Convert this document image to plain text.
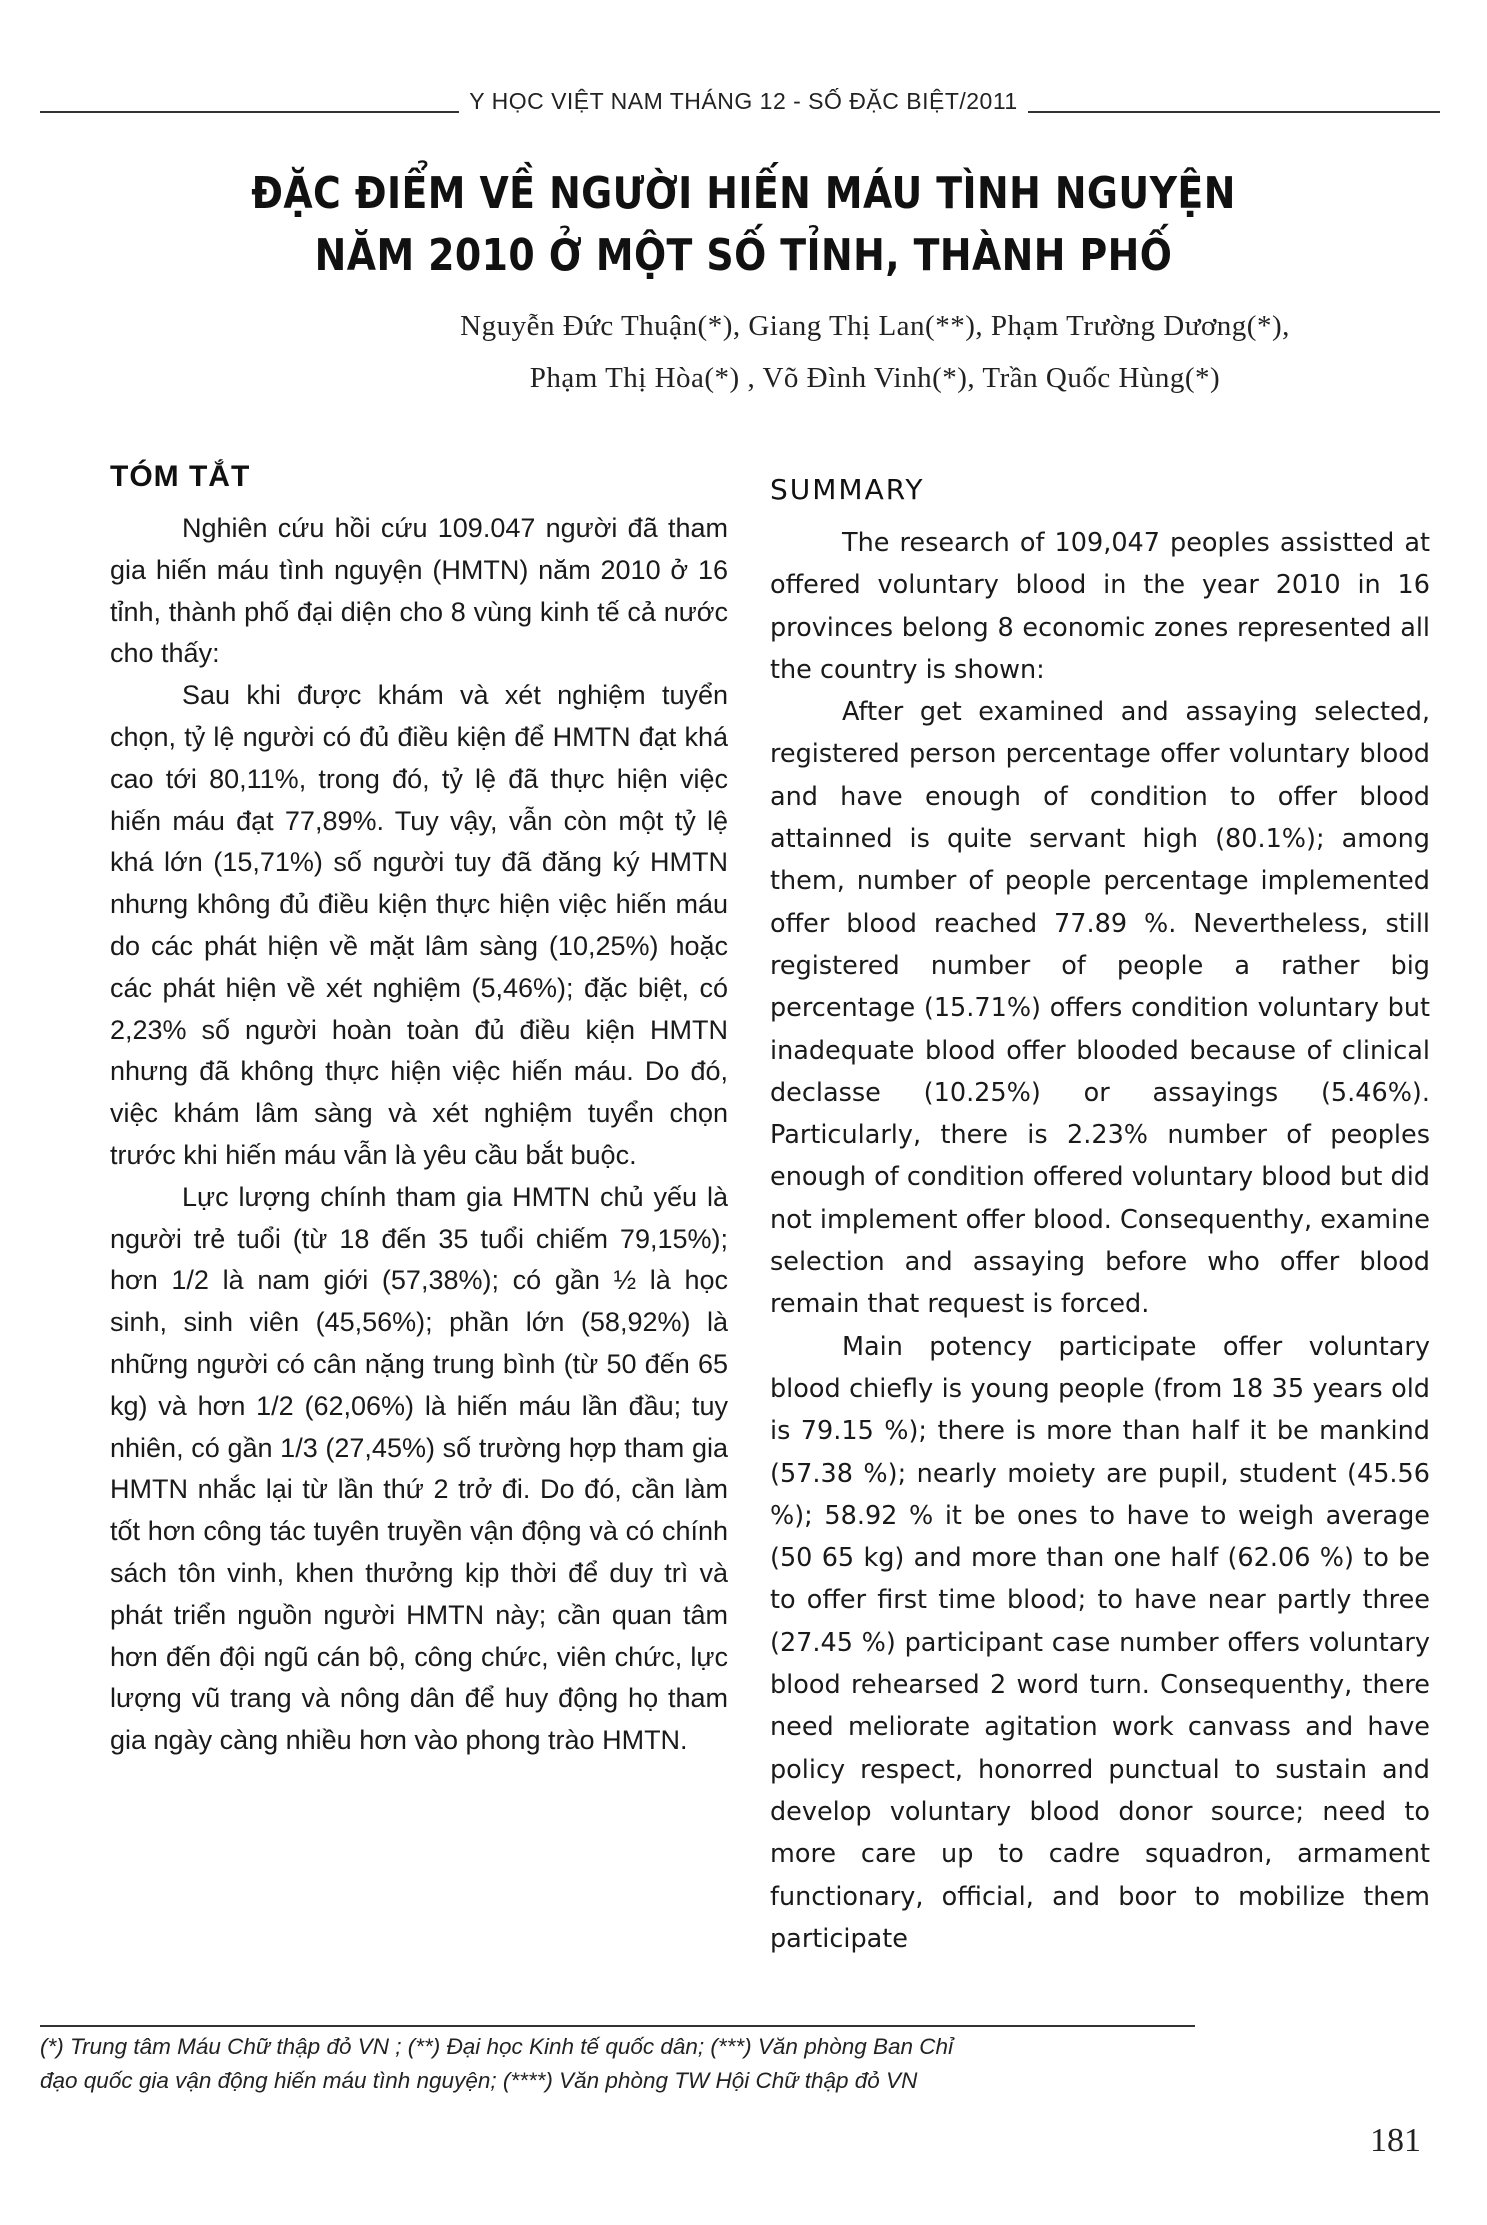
Y HỌC VIỆT NAM THÁNG 12 - SỐ ĐẶC BIỆT/2011
ĐẶC ĐIỂM VỀ NGƯỜI HIẾN MÁU TÌNH NGUYỆN
NĂM 2010 Ở MỘT SỐ TỈNH, THÀNH PHỐ
Nguyễn Đức Thuận(*), Giang Thị Lan(**), Phạm Trường Dương(*),
Phạm Thị Hòa(*) , Võ Đình Vinh(*), Trần Quốc Hùng(*)
TÓM TẮT

Nghiên cứu hồi cứu 109.047 người đã tham gia hiến máu tình nguyện (HMTN) năm 2010 ở 16 tỉnh, thành phố đại diện cho 8 vùng kinh tế cả nước cho thấy:

Sau khi được khám và xét nghiệm tuyển chọn, tỷ lệ người có đủ điều kiện để HMTN đạt khá cao tới 80,11%, trong đó, tỷ lệ đã thực hiện việc hiến máu đạt 77,89%. Tuy vậy, vẫn còn một tỷ lệ khá lớn (15,71%) số người tuy đã đăng ký HMTN nhưng không đủ điều kiện thực hiện việc hiến máu do các phát hiện về mặt lâm sàng (10,25%) hoặc các phát hiện về xét nghiệm (5,46%); đặc biệt, có 2,23% số người hoàn toàn đủ điều kiện HMTN nhưng đã không thực hiện việc hiến máu. Do đó, việc khám lâm sàng và xét nghiệm tuyển chọn trước khi hiến máu vẫn là yêu cầu bắt buộc.

Lực lượng chính tham gia HMTN chủ yếu là người trẻ tuổi (từ 18 đến 35 tuổi chiếm 79,15%); hơn 1/2 là nam giới (57,38%); có gần ½ là học sinh, sinh viên (45,56%); phần lớn (58,92%) là những người có cân nặng trung bình (từ 50 đến 65 kg) và hơn 1/2 (62,06%) là hiến máu lần đầu; tuy nhiên, có gần 1/3 (27,45%) số trường hợp tham gia HMTN nhắc lại từ lần thứ 2 trở đi. Do đó, cần làm tốt hơn công tác tuyên truyền vận động và có chính sách tôn vinh, khen thưởng kịp thời để duy trì và phát triển nguồn người HMTN này; cần quan tâm hơn đến đội ngũ cán bộ, công chức, viên chức, lực lượng vũ trang và nông dân để huy động họ tham gia ngày càng nhiều hơn vào phong trào HMTN.

SUMMARY

The research of 109,047 peoples assistted at offered voluntary blood in the year 2010 in 16 provinces belong 8 economic zones represented all the country is shown:

After get examined and assaying selected, registered person percentage offer voluntary blood and have enough of condition to offer blood attainned is quite servant high (80.1%); among them, number of people percentage implemented offer blood reached 77.89 %. Nevertheless, still registered number of people a rather big percentage (15.71%) offers condition voluntary but inadequate blood offer blooded because of clinical declasse (10.25%) or assayings (5.46%). Particularly, there is 2.23% number of peoples enough of condition offered voluntary blood but did not implement offer blood. Consequenthy, examine selection and assaying before who offer blood remain that request is forced.

Main potency participate offer voluntary blood chiefly is young people (from 18 35 years old is 79.15 %); there is more than half it be mankind (57.38 %); nearly moiety are pupil, student (45.56 %); 58.92 % it be ones to have to weigh average (50 65 kg) and more than one half (62.06 %) to be to offer first time blood; to have near partly three (27.45 %) participant case number offers voluntary blood rehearsed 2 word turn. Consequenthy, there need meliorate agitation work canvass and have policy respect, honorred punctual to sustain and develop voluntary blood donor source; need to more care up to cadre squadron, armament functionary, official, and boor to mobilize them participate

(*) Trung tâm Máu Chữ thập đỏ VN ; (**) Đại học Kinh tế quốc dân; (***) Văn phòng Ban Chỉ
đạo quốc gia vận động hiến máu tình nguyện; (****) Văn phòng TW Hội Chữ thập đỏ VN
181
